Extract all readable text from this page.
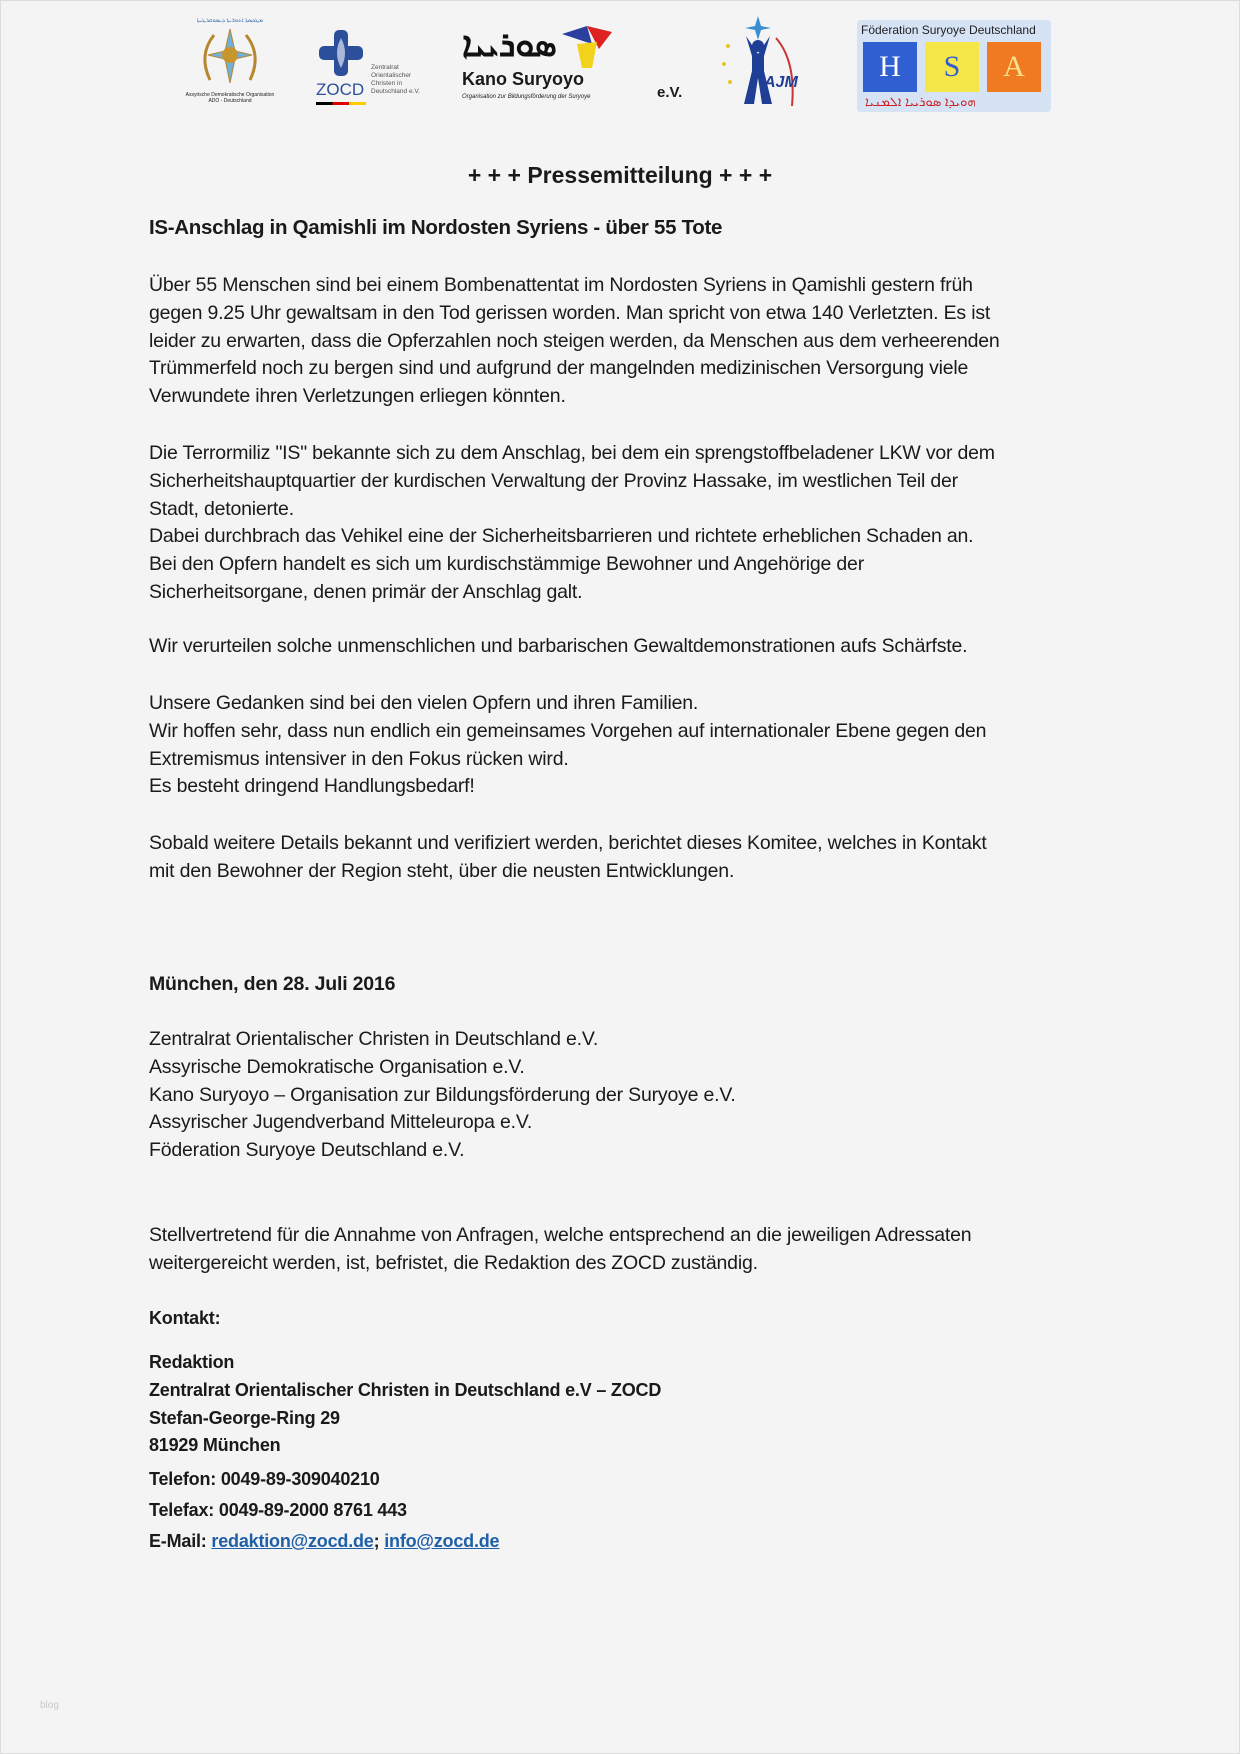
ܡܛܟܣܬܐ ܐܬܘܪܝܬܐ ܕܝܡܘܩܪܛܝܬܐ
Assyrische Demokratische Organisation
ADO - Deutschland
ZOCD
Zentralrat
Orientalischer
Christen in
Deutschland e.V.
ܣܘܪܝܝܐ
Kano Suryoyo
e.V.
Organisation zur Bildungsförderung der Suryoye
AJM
Föderation Suryoye Deutschland
H	S	A
ܗܘܝܕܐ ܣܘܪܝܝܐ ܐܠܡܢܝܐ
+ + + Pressemitteilung + + +
IS-Anschlag in Qamishli im Nordosten Syriens - über 55 Tote
Über 55 Menschen sind bei einem Bombenattentat im Nordosten Syriens in Qamishli gestern früh
gegen 9.25 Uhr gewaltsam in den Tod gerissen worden. Man spricht von etwa 140 Verletzten. Es ist
leider zu erwarten, dass die Opferzahlen noch steigen werden, da Menschen aus dem verheerenden
Trümmerfeld noch zu bergen sind und aufgrund der mangelnden medizinischen Versorgung viele
Verwundete ihren Verletzungen erliegen könnten.
Die Terrormiliz "IS" bekannte sich zu dem Anschlag, bei dem ein sprengstoffbeladener LKW vor dem
Sicherheitshauptquartier der kurdischen Verwaltung der Provinz Hassake, im westlichen Teil der
Stadt, detonierte.
Dabei durchbrach das Vehikel eine der Sicherheitsbarrieren und richtete erheblichen Schaden an.
Bei den Opfern handelt es sich um kurdischstämmige Bewohner und Angehörige der
Sicherheitsorgane, denen primär der Anschlag galt.
Wir verurteilen solche unmenschlichen und barbarischen Gewaltdemonstrationen aufs Schärfste.
Unsere Gedanken sind bei den vielen Opfern und ihren Familien.
Wir hoffen sehr, dass nun endlich ein gemeinsames Vorgehen auf internationaler Ebene gegen den
Extremismus intensiver in den Fokus rücken wird.
Es besteht dringend Handlungsbedarf!
Sobald weitere Details bekannt und verifiziert werden, berichtet dieses Komitee, welches in Kontakt
mit den Bewohner der Region steht, über die neusten Entwicklungen.
München, den 28. Juli 2016
Zentralrat Orientalischer Christen in Deutschland e.V.
Assyrische Demokratische Organisation e.V.
Kano Suryoyo – Organisation zur Bildungsförderung der Suryoye e.V.
Assyrischer Jugendverband Mitteleuropa e.V.
Föderation Suryoye Deutschland e.V.
Stellvertretend für die Annahme von Anfragen, welche entsprechend an die jeweiligen Adressaten
weitergereicht werden, ist, befristet, die Redaktion des ZOCD zuständig.
Kontakt:
Redaktion
Zentralrat Orientalischer Christen in Deutschland e.V – ZOCD
Stefan-George-Ring 29
81929 München
Telefon: 0049-89-309040210
Telefax: 0049-89-2000 8761 443
E-Mail: redaktion@zocd.de; info@zocd.de
blog
